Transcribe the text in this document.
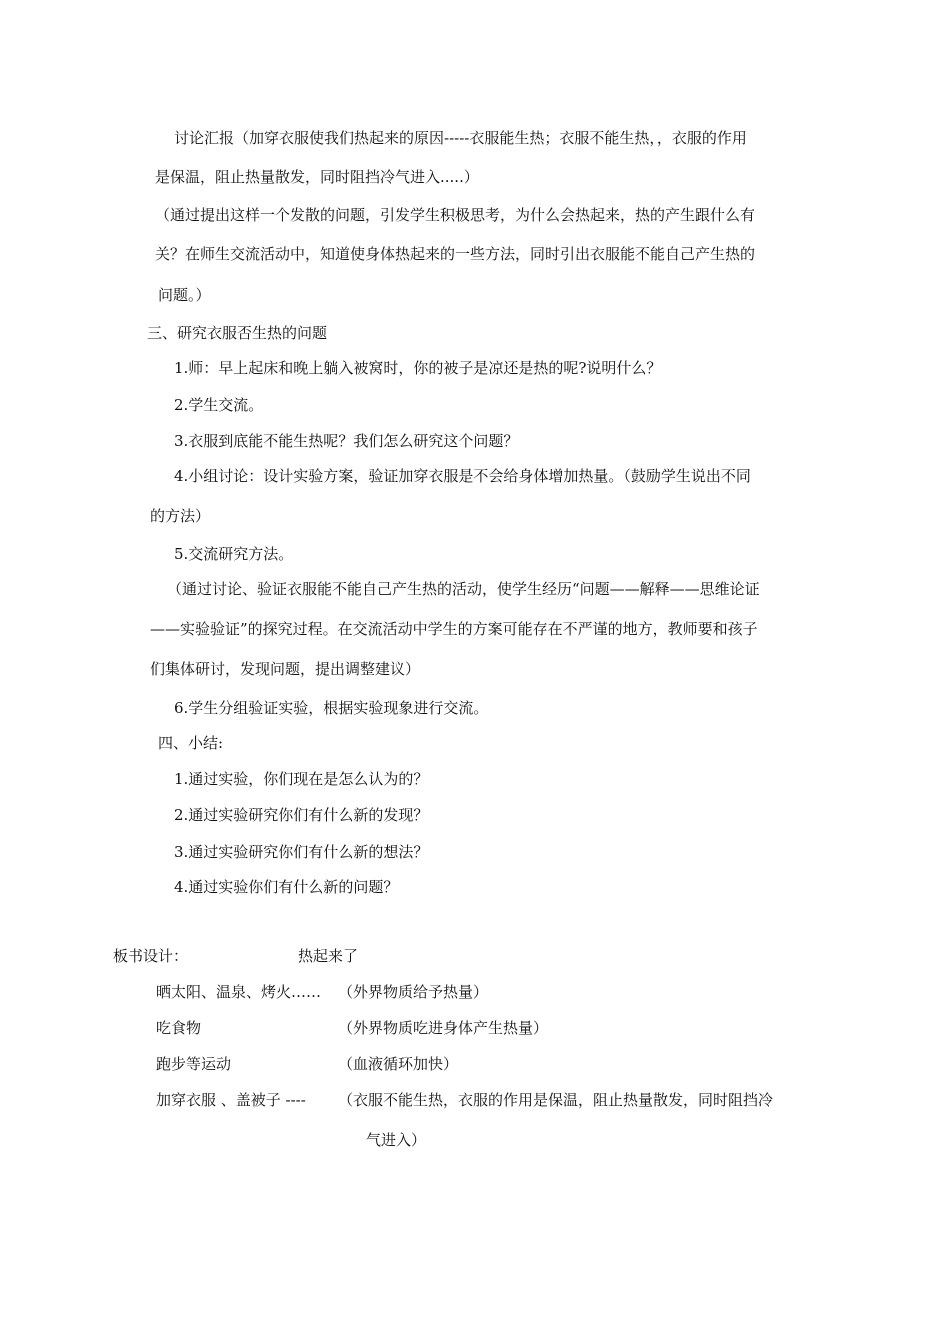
讨论汇报（加穿衣服使我们热起来的原因-----衣服能生热；衣服不能生热，，衣服的作用

是保温，阻止热量散发，同时阻挡冷气进入.....）

（通过提出这样一个发散的问题，引发学生积极思考，为什么会热起来，热的产生跟什么有

关？在师生交流活动中，知道使身体热起来的一些方法，同时引出衣服能不能自己产生热的

问题。）

三、研究衣服否生热的问题

1.师：早上起床和晚上躺入被窝时，你的被子是凉还是热的呢?说明什么？

2.学生交流。

3.衣服到底能不能生热呢？我们怎么研究这个问题？

4.小组讨论：设计实验方案，验证加穿衣服是不会给身体增加热量。（鼓励学生说出不同

的方法）

5.交流研究方法。

（通过讨论、验证衣服能不能自己产生热的活动，使学生经历“问题——解释——思维论证

——实验验证”的探究过程。在交流活动中学生的方案可能存在不严谨的地方，教师要和孩子

们集体研讨，发现问题，提出调整建议）

6.学生分组验证实验，根据实验现象进行交流。

四、小结:

1.通过实验，你们现在是怎么认为的？

2.通过实验研究你们有什么新的发现？

3.通过实验研究你们有什么新的想法？

4.通过实验你们有什么新的问题？

板书设计：	热起来了

晒太阳、温泉、烤火…… （外界物质给予热量）

吃食物	（外界物质吃进身体产生热量）

跑步等运动	（血液循环加快）

加穿衣服 、盖被子 ---- （衣服不能生热，衣服的作用是保温，阻止热量散发，同时阻挡冷

气进入）
